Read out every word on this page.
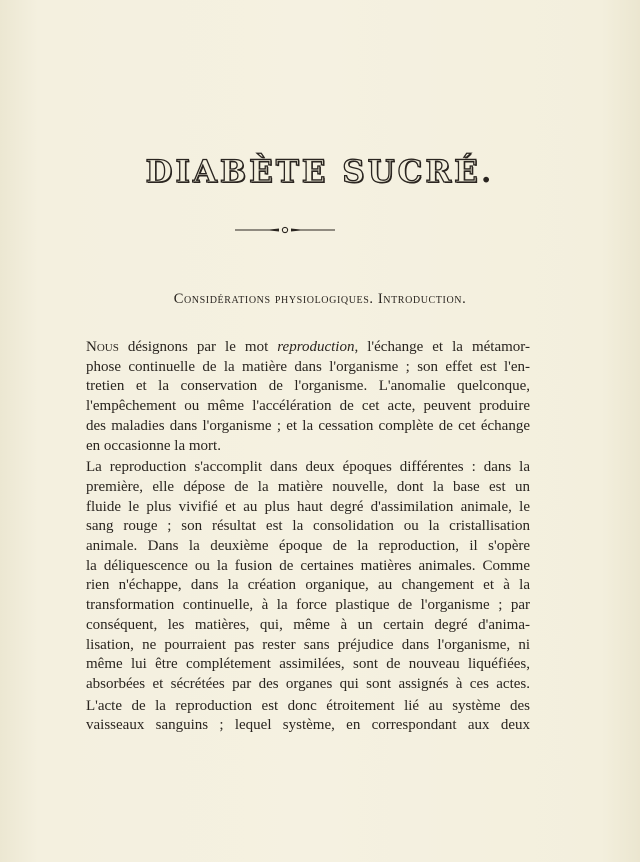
DIABÈTE SUCRÉ.
Considérations physiologiques. Introduction.

Nous désignons par le mot reproduction, l'échange et la métamor-
phose continuelle de la matière dans l'organisme ; son effet est l'en-
tretien et la conservation de l'organisme. L'anomalie quelconque,
l'empêchement ou même l'accélération de cet acte, peuvent produire
des maladies dans l'organisme ; et la cessation complète de cet échange
en occasionne la mort.

La reproduction s'accomplit dans deux époques différentes : dans la
première, elle dépose de la matière nouvelle, dont la base est un
fluide le plus vivifié et au plus haut degré d'assimilation animale, le
sang rouge ; son résultat est la consolidation ou la cristallisation
animale. Dans la deuxième époque de la reproduction, il s'opère
la déliquescence ou la fusion de certaines matières animales. Comme
rien n'échappe, dans la création organique, au changement et à la
transformation continuelle, à la force plastique de l'organisme ; par
conséquent, les matières, qui, même à un certain degré d'anima-
lisation, ne pourraient pas rester sans préjudice dans l'organisme, ni
même lui être complétement assimilées, sont de nouveau liquéfiées,
absorbées et sécrétées par des organes qui sont assignés à ces actes.

L'acte de la reproduction est donc étroitement lié au système des
vaisseaux sanguins ; lequel système, en correspondant aux deux
